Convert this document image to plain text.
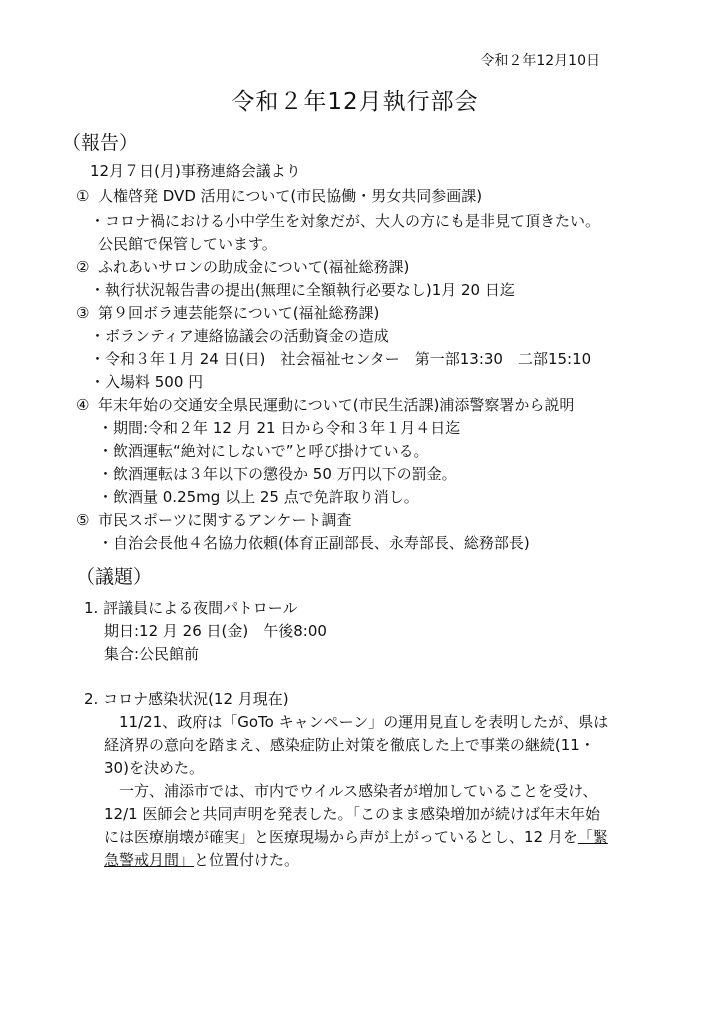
令和２年12月10日
令和２年12月執行部会
（報告）
12月７日(月)事務連絡会議より
① 人権啓発 DVD 活用について(市民協働・男女共同参画課)
・コロナ禍における小中学生を対象だが、大人の方にも是非見て頂きたい。
公民館で保管しています。
② ふれあいサロンの助成金について(福祉総務課)
・執行状況報告書の提出(無理に全額執行必要なし)1月 20 日迄
③ 第９回ボラ連芸能祭について(福祉総務課)
・ボランティア連絡協議会の活動資金の造成
・令和３年１月 24 日(日)　社会福祉センター　第一部13:30　二部15:10
・入場料 500 円
④ 年末年始の交通安全県民運動について(市民生活課)浦添警察署から説明
・期間:令和２年 12 月 21 日から令和３年１月４日迄
・飲酒運転“絶対にしないで”と呼び掛けている。
・飲酒運転は３年以下の懲役か 50 万円以下の罰金。
・飲酒量 0.25mg 以上 25 点で免許取り消し。
⑤ 市民スポーツに関するアンケート調査
・自治会長他４名協力依頼(体育正副部長、永寿部長、総務部長)
（議題）
1. 評議員による夜間パトロール
期日:12 月 26 日(金)　午後8:00
集合:公民館前
2. コロナ感染状況(12 月現在)
11/21、政府は「GoTo キャンペーン」の運用見直しを表明したが、県は経済界の意向を踏まえ、感染症防止対策を徹底した上で事業の継続(11・30)を決めた。
一方、浦添市では、市内でウイルス感染者が増加していることを受け、12/1 医師会と共同声明を発表した。「このまま感染増加が続けば年末年始には医療崩壊が確実」と医療現場から声が上がっているとし、12 月を「緊急警戒月間」と位置付けた。
